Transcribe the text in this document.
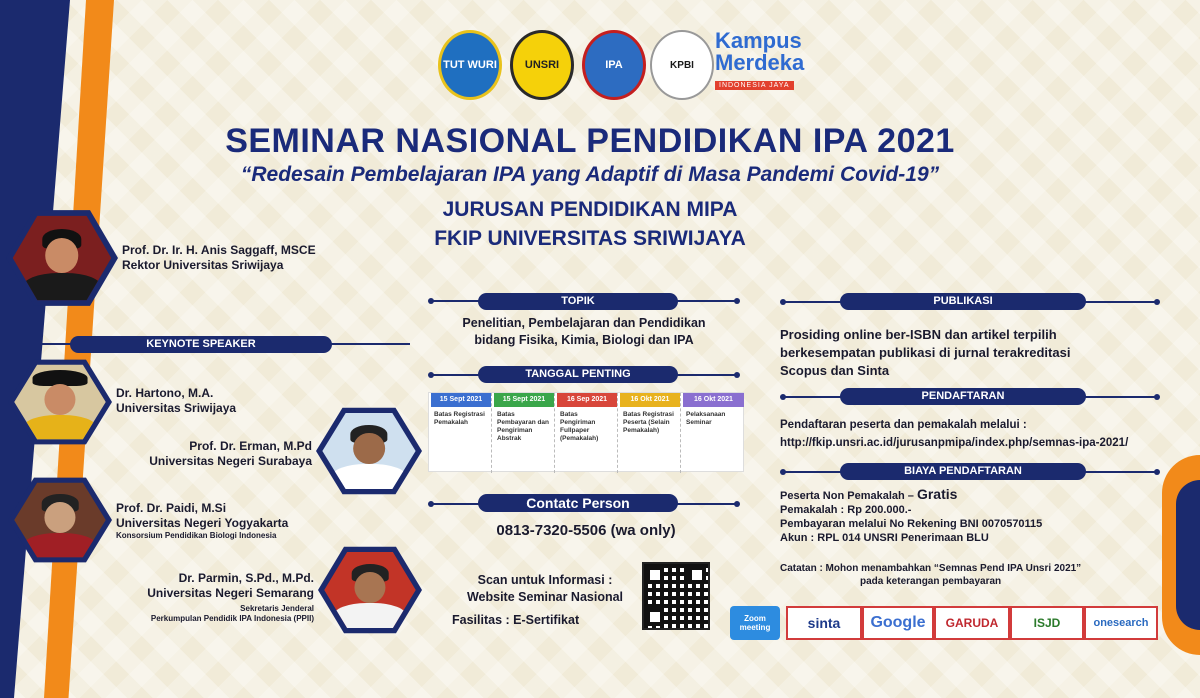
TUT WURI	UNSRI	IPA	KPBI
Kampus
Merdeka
INDONESIA JAYA
SEMINAR NASIONAL PENDIDIKAN IPA 2021
“Redesain Pembelajaran IPA yang Adaptif di Masa Pandemi Covid-19”
JURUSAN PENDIDIKAN MIPA
FKIP UNIVERSITAS SRIWIJAYA
Prof. Dr. Ir. H. Anis Saggaff, MSCE
Rektor Universitas Sriwijaya
KEYNOTE SPEAKER
Dr. Hartono, M.A.
Universitas Sriwijaya
Prof. Dr. Erman, M.Pd
Universitas Negeri Surabaya
Prof. Dr. Paidi, M.Si
Universitas Negeri Yogyakarta
Konsorsium Pendidikan Biologi Indonesia
Dr. Parmin, S.Pd., M.Pd.
Universitas Negeri Semarang
Sekretaris Jenderal
Perkumpulan Pendidik IPA Indonesia (PPII)
TOPIK
Penelitian, Pembelajaran dan Pendidikan
bidang Fisika, Kimia, Biologi dan IPA
TANGGAL PENTING
15 Sept 2021
Batas Registrasi Pemakalah
15 Sept 2021
Batas Pembayaran dan Pengiriman Abstrak
16 Sep 2021
Batas Pengiriman Fullpaper (Pemakalah)
16 Okt 2021
Batas Registrasi Peserta (Selain Pemakalah)
16 Okt 2021
Pelaksanaan Seminar
Contatc Person
0813-7320-5506 (wa only)
Scan untuk Informasi :
Website Seminar Nasional
Fasilitas : E-Sertifikat
PUBLIKASI
Prosiding online ber-ISBN dan artikel terpilih
berkesempatan publikasi di jurnal terakreditasi
Scopus dan Sinta
PENDAFTARAN
Pendaftaran peserta dan pemakalah melalui :
http://fkip.unsri.ac.id/jurusanpmipa/index.php/semnas-ipa-2021/
BIAYA PENDAFTARAN
Peserta Non Pemakalah – Gratis
Pemakalah : Rp 200.000.-
Pembayaran melalui No Rekening BNI 0070570115
Akun : RPL 014 UNSRI Penerimaan BLU
Catatan : Mohon menambahkan “Semnas Pend IPA Unsri 2021”
pada keterangan pembayaran
Zoom meeting	sinta	Google	GARUDA	ISJD	onesearch
